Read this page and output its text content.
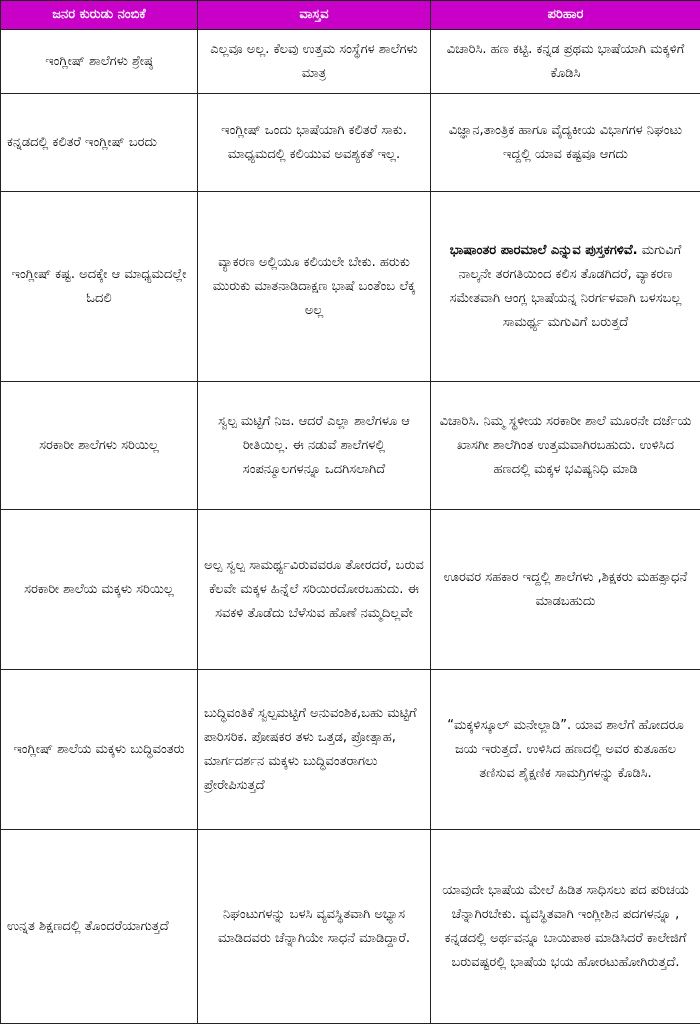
ಜನರ ಕುರುಡು ನಂಬಿಕೆ	ವಾಸ್ತವ	ಪರಿಹಾರ
ಇಂಗ್ಲೀಷ್ ಶಾಲೆಗಳು ಶ್ರೇಷ್ಠ	ಎಲ್ಲವೂ ಅಲ್ಲ. ಕೆಲವು ಉತ್ತಮ ಸಂಸ್ಥೆಗಳ ಶಾಲೆಗಳು ಮಾತ್ರ	ವಿಚಾರಿಸಿ. ಹಣ ಕಟ್ಟಿ. ಕನ್ನಡ ಪ್ರಥಮ ಭಾಷೆಯಾಗಿ ಮಕ್ಕಳಿಗೆ ಕೊಡಿಸಿ
ಕನ್ನಡದಲ್ಲಿ ಕಲಿತರೆ ಇಂಗ್ಲೀಷ್ ಬರದು	ಇಂಗ್ಲೀಷ್ ಒಂದು ಭಾಷೆಯಾಗಿ ಕಲಿತರೆ ಸಾಕು. ಮಾಧ್ಯಮದಲ್ಲಿ ಕಲಿಯುವ ಅವಶ್ಯಕತೆ ಇಲ್ಲ.	ವಿಜ್ಞಾನ,ತಾಂತ್ರಿಕ ಹಾಗೂ ವೈದ್ಯಕೀಯ ವಿಭಾಗಗಳ ನಿಘಂಟು ಇದ್ದಲ್ಲಿ ಯಾವ ಕಷ್ಟವೂ ಆಗದು
ಇಂಗ್ಲೀಷ್ ಕಷ್ಟ. ಅದಕ್ಕೇ ಆ ಮಾಧ್ಯಮದಲ್ಲೇ ಓದಲಿ	ವ್ಯಾಕರಣ ಅಲ್ಲಿಯೂ ಕಲಿಯಲೇ ಬೇಕು. ಹರುಕು ಮುರುಕು ಮಾತನಾಡಿದಾಕ್ಷಣ ಭಾಷೆ ಬಂತೆಂಬ ಲೆಕ್ಕ ಅಲ್ಲ	ಭಾಷಾಂತರ ಪಾರಮಾಲೆ ಎನ್ನುವ ಪುಸ್ತಕಗಳಿವೆ. ಮಗುವಿಗೆ ನಾಲ್ಕನೇ ತರಗತಿಯಿಂದ ಕಲಿಸ ತೊಡಗಿದರೆ, ವ್ಯಾಕರಣ ಸಮೇತವಾಗಿ ಆಂಗ್ಲ ಭಾಷೆಯನ್ನ ನಿರರ್ಗಳವಾಗಿ ಬಳಸಬಲ್ಲ ಸಾಮರ್ಥ್ಯ ಮಗುವಿಗೆ ಬರುತ್ತದೆ
ಸರಕಾರೀ ಶಾಲೆಗಳು ಸರಿಯಿಲ್ಲ	ಸ್ವಲ್ಪ ಮಟ್ಟಿಗೆ ನಿಜ. ಆದರೆ ಎಲ್ಲಾ ಶಾಲೆಗಳೂ ಆ ರೀತಿಯಿಲ್ಲ. ಈ ನಡುವೆ ಶಾಲೆಗಳಲ್ಲಿ ಸಂಪನ್ಮೂಲಗಳನ್ನೂ ಒದಗಿಸಲಾಗಿದೆ	ವಿಚಾರಿಸಿ. ನಿಮ್ಮ ಸ್ಥಳೀಯ ಸರಕಾರೀ ಶಾಲೆ ಮೂರನೇ ದರ್ಜೆಯ ಖಾಸಗೀ ಶಾಲೆಗಿಂತ ಉತ್ತಮವಾಗಿರಬಹುದು. ಉಳಿಸಿದ ಹಣದಲ್ಲಿ ಮಕ್ಕಳ ಭವಿಷ್ಯನಿಧಿ ಮಾಡಿ
ಸರಕಾರೀ ಶಾಲೆಯ ಮಕ್ಕಳು ಸರಿಯಿಲ್ಲ	ಅಲ್ಪ ಸ್ವಲ್ಪ ಸಾಮರ್ಥ್ಯವಿರುವವರೂ ತೋರದರೆ, ಬರುವ ಕೆಲವೇ ಮಕ್ಕಳ ಹಿನ್ನೆಲೆ ಸರಿಯಿರದೋರಬಹುದು. ಈ ಸವಕಳಿ ತೊಡೆದು ಬೆಳೆಸುವ ಹೊಣೆ ನಮ್ಮದಿಲ್ಲವೇ	ಊರವರ ಸಹಕಾರ ಇದ್ದಲ್ಲಿ ಶಾಲೆಗಳು ,ಶಿಕ್ಷಕರು ಮಹತ್ಸಾಧನೆ ಮಾಡಬಹುದು
ಇಂಗ್ಲೀಷ್ ಶಾಲೆಯ ಮಕ್ಕಳು ಬುದ್ಧಿವಂತರು	ಬುದ್ಧಿವಂತಿಕೆ ಸ್ವಲ್ಪಮಟ್ಟಿಗೆ ಅನುವಂಶಿಕ,ಬಹು ಮಟ್ಟಿಗೆ ಪಾರಿಸರಿಕ. ಪೋಷಕರ ತಳು ಒತ್ತಡ, ಪ್ರೋತ್ಸಾಹ, ಮಾರ್ಗದರ್ಶನ ಮಕ್ಕಳು ಬುದ್ಧಿವಂತರಾಗಲು ಪ್ರೇರೇಪಿಸುತ್ತದೆ	“ಮಕ್ಕಳಿಸ್ಕೂಲ್ ಮನೇಲ್ಲಾಡಿ”. ಯಾವ ಶಾಲೆಗೆ ಹೋದರೂ ಜಯ ಇರುತ್ತದೆ. ಉಳಿಸಿದ ಹಣದಲ್ಲಿ ಅವರ ಕುತೂಹಲ ತಣಿಸುವ ಶೈಕ್ಷಣಿಕ ಸಾಮಗ್ರಿಗಳನ್ನು ಕೊಡಿಸಿ.
ಉನ್ನತ ಶಿಕ್ಷಣದಲ್ಲಿ ತೊಂದರೆಯಾಗುತ್ತದೆ	ನಿಘಂಟುಗಳನ್ನು ಬಳಸಿ ವ್ಯವಸ್ಥಿತವಾಗಿ ಅಭ್ಯಾಸ ಮಾಡಿದವರು ಚೆನ್ನಾಗಿಯೇ ಸಾಧನೆ ಮಾಡಿದ್ದಾರೆ.	ಯಾವುದೇ ಭಾಷೆಯ ಮೇಲೆ ಹಿಡಿತ ಸಾಧಿಸಲು ಪದ ಪರಿಚಯ ಚೆನ್ನಾಗಿರಬೇಕು. ವ್ಯವಸ್ಥಿತವಾಗಿ ಇಂಗ್ಲೀಶಿನ ಪದಗಳನ್ನೂ , ಕನ್ನಡದಲ್ಲಿ ಅರ್ಥವನ್ನೂ ಬಾಯಿಪಾಠ ಮಾಡಿಸಿದರೆ ಕಾಲೇಜಿಗೆ ಬರುವಷ್ಟರಲ್ಲಿ ಭಾಷೆಯ ಭಯ ಹೋರಟುಹೋಗಿರುತ್ತದೆ.
